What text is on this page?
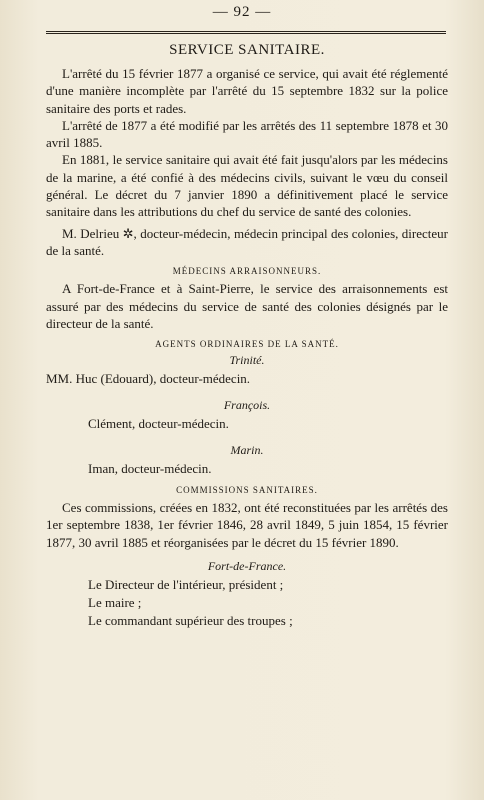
— 92 —
SERVICE SANITAIRE.

L'arrêté du 15 février 1877 a organisé ce service, qui avait été réglementé d'une manière incomplète par l'arrêté du 15 septembre 1832 sur la police sanitaire des ports et rades.

L'arrêté de 1877 a été modifié par les arrêtés des 11 septembre 1878 et 30 avril 1885.

En 1881, le service sanitaire qui avait été fait jusqu'alors par les médecins de la marine, a été confié à des médecins civils, suivant le vœu du conseil général. Le décret du 7 janvier 1890 a définitivement placé le service sanitaire dans les attributions du chef du service de santé des colonies.

M. Delrieu ✲, docteur-médecin, médecin principal des colonies, directeur de la santé.

MÉDECINS ARRAISONNEURS.

A Fort-de-France et à Saint-Pierre, le service des arraisonnements est assuré par des médecins du service de santé des colonies désignés par le directeur de la santé.

AGENTS ORDINAIRES DE LA SANTÉ.
Trinité.
MM. Huc (Edouard), docteur-médecin.
François.
Clément, docteur-médecin.
Marin.
Iman, docteur-médecin.
COMMISSIONS SANITAIRES.

Ces commissions, créées en 1832, ont été reconstituées par les arrêtés des 1er septembre 1838, 1er février 1846, 28 avril 1849, 5 juin 1854, 15 février 1877, 30 avril 1885 et réorganisées par le décret du 15 février 1890.

Fort-de-France.
Le Directeur de l'intérieur, président ;
Le maire ;
Le commandant supérieur des troupes ;
